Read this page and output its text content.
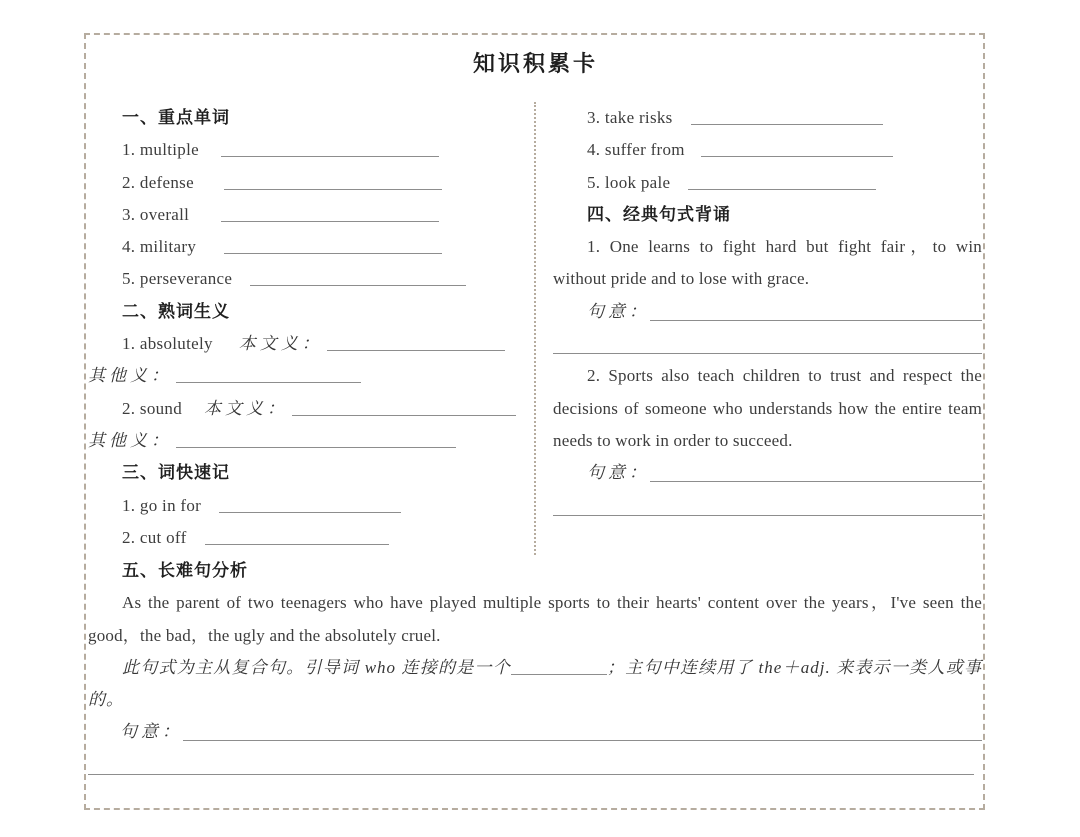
知识积累卡
一、重点单词
1. multiple
2. defense
3. overall
4. military
5. perseverance
二、熟词生义
1. absolutely 本文义：
其他义：
2. sound 本文义：
其他义：
三、词快速记
1. go in for
2. cut off
3. take risks
4. suffer from
5. look pale
四、经典句式背诵
1. One learns to fight hard but fight fair，to win without pride and to lose with grace.
句意：
2. Sports also teach children to trust and respect the decisions of someone who understands how the entire team needs to work in order to succeed.
句意：
五、长难句分析
As the parent of two teenagers who have played multiple sports to their hearts' content over the years，I've seen the good，the bad，the ugly and the absolutely cruel.
此句式为主从复合句。引导词 who 连接的是一个	；主句中连续用了 the＋adj. 来表示一类人或事的。
句意：
